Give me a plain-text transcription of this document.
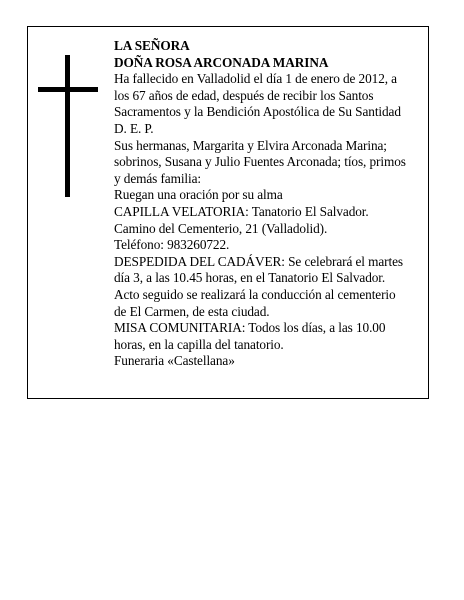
LA SEÑORA
DOÑA ROSA ARCONADA MARINA
Ha fallecido en Valladolid el día 1 de enero de 2012, a
los 67 años de edad, después de recibir los Santos
Sacramentos y la Bendición Apostólica de Su Santidad
D. E. P.
Sus hermanas, Margarita y Elvira Arconada Marina;
sobrinos, Susana y Julio Fuentes Arconada; tíos, primos
y demás familia:
Ruegan una oración por su alma
CAPILLA VELATORIA: Tanatorio El Salvador.
Camino del Cementerio, 21 (Valladolid).
Teléfono: 983260722.
DESPEDIDA DEL CADÁVER: Se celebrará el martes
día 3, a las 10.45 horas, en el Tanatorio El Salvador.
Acto seguido se realizará la conducción al cementerio
de El Carmen, de esta ciudad.
MISA COMUNITARIA: Todos los días, a las 10.00
horas, en la capilla del tanatorio.
Funeraria «Castellana»
